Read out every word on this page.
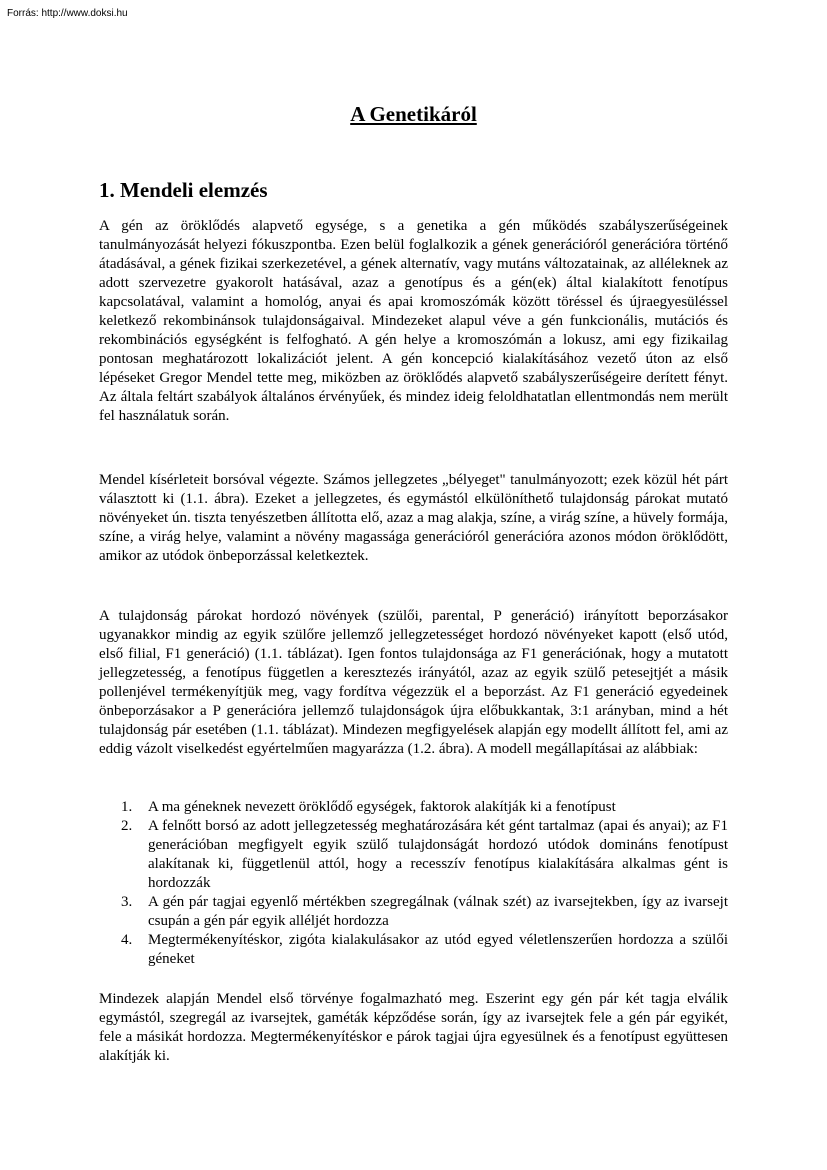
Forrás: http://www.doksi.hu
A Genetikáról
1. Mendeli elemzés

A gén az öröklődés alapvető egysége, s a genetika a gén működés szabályszerűségeinek tanulmányozását helyezi fókuszpontba. Ezen belül foglalkozik a gének generációról generációra történő átadásával, a gének fizikai szerkezetével, a gének alternatív, vagy mutáns változatainak, az alléleknek az adott szervezetre gyakorolt hatásával, azaz a genotípus és a gén(ek) által kialakított fenotípus kapcsolatával, valamint a homológ, anyai és apai kromoszómák között töréssel és újraegyesüléssel keletkező rekombinánsok tulajdonságaival. Mindezeket alapul véve a gén funkcionális, mutációs és rekombinációs egységként is felfogható. A gén helye a kromoszómán a lokusz, ami egy fizikailag pontosan meghatározott lokalizációt jelent. A gén koncepció kialakításához vezető úton az első lépéseket Gregor Mendel tette meg, miközben az öröklődés alapvető szabályszerűségeire derített fényt. Az általa feltárt szabályok általános érvényűek, és mindez ideig feloldhatatlan ellentmondás nem merült fel használatuk során.

Mendel kísérleteit borsóval végezte. Számos jellegzetes „bélyeget" tanulmányozott; ezek közül hét párt választott ki (1.1. ábra). Ezeket a jellegzetes, és egymástól elkülöníthető tulajdonság párokat mutató növényeket ún. tiszta tenyészetben állította elő, azaz a mag alakja, színe, a virág színe, a hüvely formája, színe, a virág helye, valamint a növény magassága generációról generációra azonos módon öröklődött, amikor az utódok önbeporzással keletkeztek.

A tulajdonság párokat hordozó növények (szülői, parental, P generáció) irányított beporzásakor ugyanakkor mindig az egyik szülőre jellemző jellegzetességet hordozó növényeket kapott (első utód, első filial, F1 generáció) (1.1. táblázat). Igen fontos tulajdonsága az F1 generációnak, hogy a mutatott jellegzetesség, a fenotípus független a keresztezés irányától, azaz az egyik szülő petesejtjét a másik pollenjével termékenyítjük meg, vagy fordítva végezzük el a beporzást. Az F1 generáció egyedeinek önbeporzásakor a P generációra jellemző tulajdonságok újra előbukkantak, 3:1 arányban, mind a hét tulajdonság pár esetében (1.1. táblázat). Mindezen megfigyelések alapján egy modellt állított fel, ami az eddig vázolt viselkedést egyértelműen magyarázza (1.2. ábra). A modell megállapításai az alábbiak:

1. A ma géneknek nevezett öröklődő egységek, faktorok alakítják ki a fenotípust
2. A felnőtt borsó az adott jellegzetesség meghatározására két gént tartalmaz (apai és anyai); az F1 generációban megfigyelt egyik szülő tulajdonságát hordozó utódok domináns fenotípust alakítanak ki, függetlenül attól, hogy a recesszív fenotípus kialakítására alkalmas gént is hordozzák
3. A gén pár tagjai egyenlő mértékben szegregálnak (válnak szét) az ivarsejtekben, így az ivarsejt csupán a gén pár egyik alléljét hordozza
4. Megtermékenyítéskor, zigóta kialakulásakor az utód egyed véletlenszerűen hordozza a szülői géneket

Mindezek alapján Mendel első törvénye fogalmazható meg. Eszerint egy gén pár két tagja elválik egymástól, szegregál az ivarsejtek, gaméták képződése során, így az ivarsejtek fele a gén pár egyikét, fele a másikát hordozza. Megtermékenyítéskor e párok tagjai újra egyesülnek és a fenotípust együttesen alakítják ki.
